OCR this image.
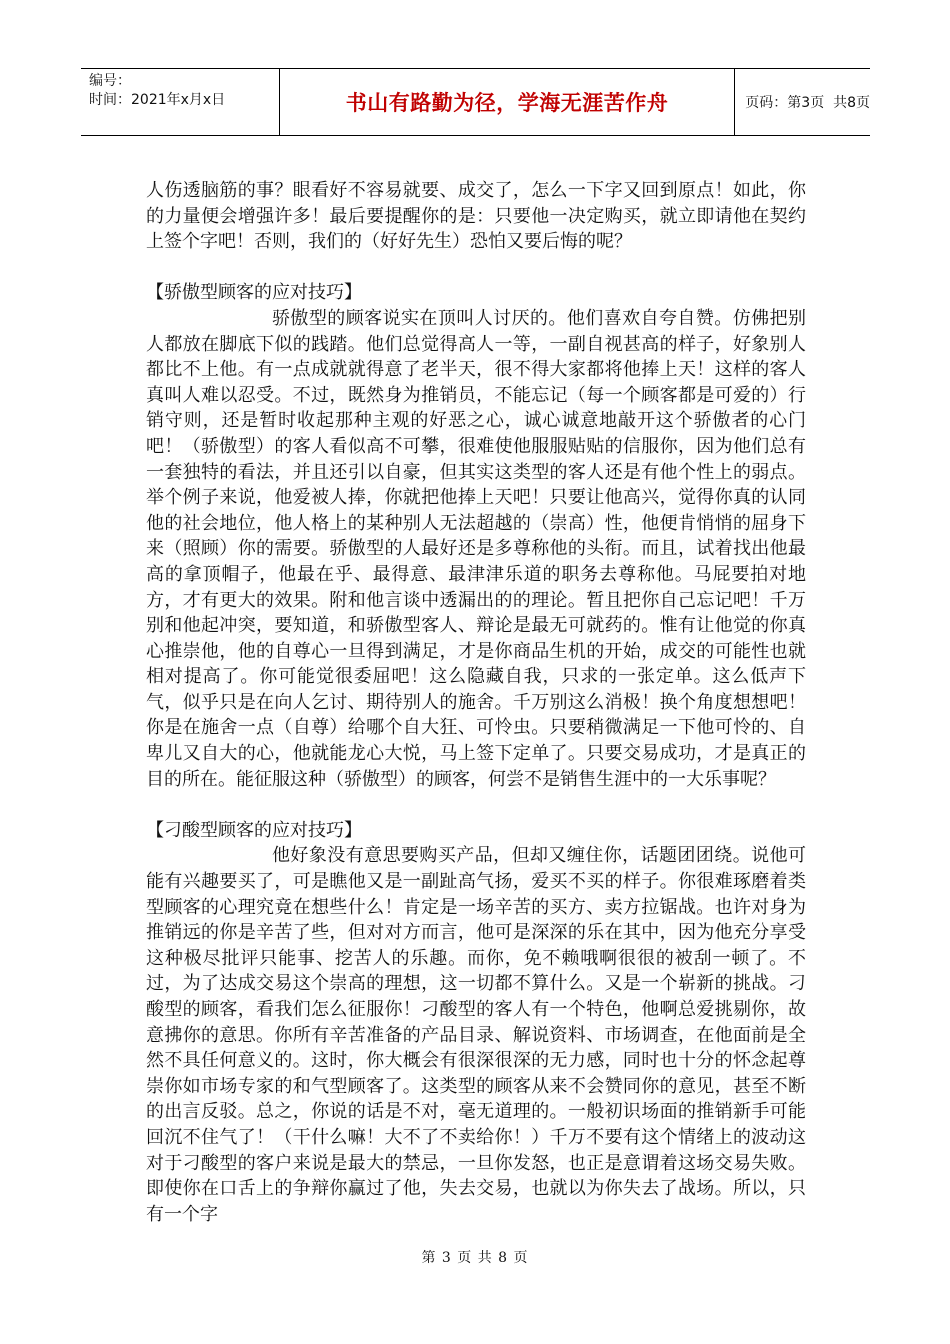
编号：
时间：2021年x月x日	书山有路勤为径，学海无涯苦作舟	页码：第3页  共8页

人伤透脑筋的事？眼看好不容易就要、成交了，怎么一下字又回到原点！如此，你的力量便会增强许多！最后要提醒你的是：只要他一决定购买，就立即请他在契约上签个字吧！否则，我们的（好好先生）恐怕又要后悔的呢？

【骄傲型顾客的应对技巧】

骄傲型的顾客说实在顶叫人讨厌的。他们喜欢自夸自赞。仿佛把别人都放在脚底下似的践踏。他们总觉得高人一等，一副自视甚高的样子，好象别人都比不上他。有一点成就就得意了老半天，很不得大家都将他捧上天！这样的客人真叫人难以忍受。不过，既然身为推销员，不能忘记（每一个顾客都是可爱的）行销守则，还是暂时收起那种主观的好恶之心，诚心诚意地敲开这个骄傲者的心门吧！（骄傲型）的客人看似高不可攀，很难使他服服贴贴的信服你，因为他们总有一套独特的看法，并且还引以自豪，但其实这类型的客人还是有他个性上的弱点。举个例子来说，他爱被人捧，你就把他捧上天吧！只要让他高兴，觉得你真的认同他的社会地位，他人格上的某种别人无法超越的（崇高）性，他便肯悄悄的屈身下来（照顾）你的需要。骄傲型的人最好还是多尊称他的头衔。而且，试着找出他最高的拿顶帽子，他最在乎、最得意、最津津乐道的职务去尊称他。马屁要拍对地方，才有更大的效果。附和他言谈中透漏出的的理论。暂且把你自己忘记吧！千万别和他起冲突，要知道，和骄傲型客人、辩论是最无可就药的。惟有让他觉的你真心推崇他，他的自尊心一旦得到满足，才是你商品生机的开始，成交的可能性也就相对提高了。你可能觉很委屈吧！这么隐藏自我，只求的一张定单。这么低声下气，似乎只是在向人乞讨、期待别人的施舍。千万别这么消极！换个角度想想吧！你是在施舍一点（自尊）给哪个自大狂、可怜虫。只要稍微满足一下他可怜的、自卑儿又自大的心，他就能龙心大悦，马上签下定单了。只要交易成功，才是真正的目的所在。能征服这种（骄傲型）的顾客，何尝不是销售生涯中的一大乐事呢？

【刁酸型顾客的应对技巧】

他好象没有意思要购买产品，但却又缠住你，话题团团绕。说他可能有兴趣要买了，可是瞧他又是一副趾高气扬，爱买不买的样子。你很难琢磨着类型顾客的心理究竟在想些什么！肯定是一场辛苦的买方、卖方拉锯战。也许对身为推销远的你是辛苦了些，但对对方而言，他可是深深的乐在其中，因为他充分享受这种极尽批评只能事、挖苦人的乐趣。而你，免不赖哦啊很很的被刮一顿了。不过，为了达成交易这个崇高的理想，这一切都不算什么。又是一个崭新的挑战。刁酸型的顾客，看我们怎么征服你！刁酸型的客人有一个特色，他啊总爱挑剔你，故意拂你的意思。你所有辛苦准备的产品目录、解说资料、市场调查，在他面前是全然不具任何意义的。这时，你大概会有很深很深的无力感，同时也十分的怀念起尊崇你如市场专家的和气型顾客了。这类型的顾客从来不会赞同你的意见，甚至不断的出言反驳。总之，你说的话是不对，毫无道理的。一般初识场面的推销新手可能回沉不住气了！（干什么嘛！大不了不卖给你！）千万不要有这个情绪上的波动这对于刁酸型的客户来说是最大的禁忌，一旦你发怒，也正是意谓着这场交易失败。即使你在口舌上的争辩你赢过了他，失去交易，也就以为你失去了战场。所以，只有一个字

第 3 页 共 8 页
